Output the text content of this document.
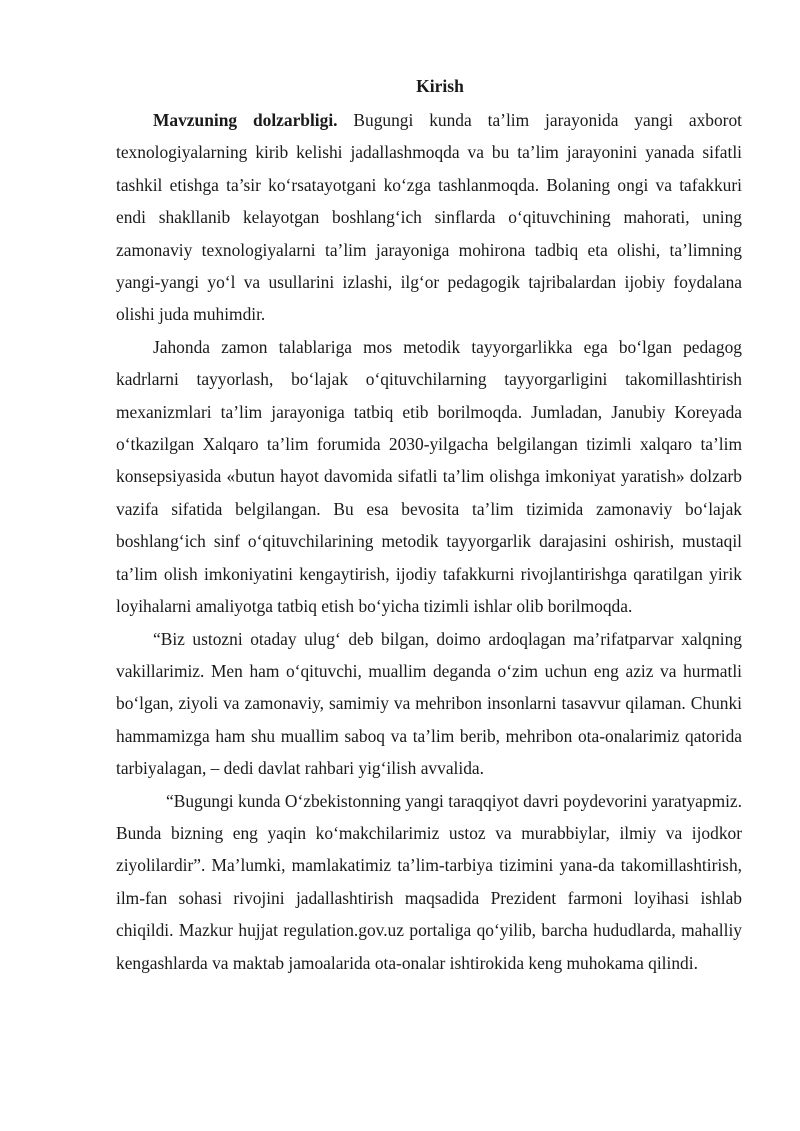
Kirish

Mavzuning dolzarbligi. Bugungi kunda ta’lim jarayonida yangi axborot texnologiyalarning kirib kelishi jadallashmoqda va bu ta’lim jarayonini yanada sifatli tashkil etishga ta’sir ko‘rsatayotgani ko‘zga tashlanmoqda. Bolaning ongi va tafakkuri endi shakllanib kelayotgan boshlang‘ich sinflarda o‘qituvchining mahorati, uning zamonaviy texnologiyalarni ta’lim jarayoniga mohirona tadbiq eta olishi, ta’limning yangi-yangi yo‘l va usullarini izlashi, ilg‘or pedagogik tajribalardan ijobiy foydalana olishi juda muhimdir.

Jahonda zamon talablariga mos metodik tayyorgarlikka ega bo‘lgan pedagog kadrlarni tayyorlash, bo‘lajak o‘qituvchilarning tayyorgarligini takomillashtirish mexanizmlari ta’lim jarayoniga tatbiq etib borilmoqda. Jumladan, Janubiy Koreyada o‘tkazilgan Xalqaro ta’lim forumida 2030-yilgacha belgilangan tizimli xalqaro ta’lim konsepsiyasida «butun hayot davomida sifatli ta’lim olishga imkoniyat yaratish» dolzarb vazifa sifatida belgilangan. Bu esa bevosita ta’lim tizimida zamonaviy bo‘lajak boshlang‘ich sinf o‘qituvchilarining metodik tayyorgarlik darajasini oshirish, mustaqil ta’lim olish imkoniyatini kengaytirish, ijodiy tafakkurni rivojlantirishga qaratilgan yirik loyihalarni amaliyotga tatbiq etish bo‘yicha tizimli ishlar olib borilmoqda.

“Biz ustozni otaday ulug‘ deb bilgan, doimo ardoqlagan ma’rifatparvar xalqning vakillarimiz. Men ham o‘qituvchi, muallim deganda o‘zim uchun eng aziz va hurmatli bo‘lgan, ziyoli va zamonaviy, samimiy va mehribon insonlarni tasavvur qilaman. Chunki hammamizga ham shu muallim saboq va ta’lim berib, mehribon ota-onalarimiz qatorida tarbiyalagan, – dedi davlat rahbari yig‘ilish avvalida.

“Bugungi kunda O‘zbekistonning yangi taraqqiyot davri poydevorini yaratyapmiz. Bunda bizning eng yaqin ko‘makchilarimiz ustoz va murabbiylar, ilmiy va ijodkor ziyolilardir”. Ma’lumki, mamlakatimiz ta’lim-tarbiya tizimini yana-da takomillashtirish, ilm-fan sohasi rivojini jadallashtirish maqsadida Prezident farmoni loyihasi ishlab chiqildi. Mazkur hujjat regulation.gov.uz portaliga qo‘yilib, barcha hududlarda, mahalliy kengashlarda va maktab jamoalarida ota-onalar ishtirokida keng muhokama qilindi.
